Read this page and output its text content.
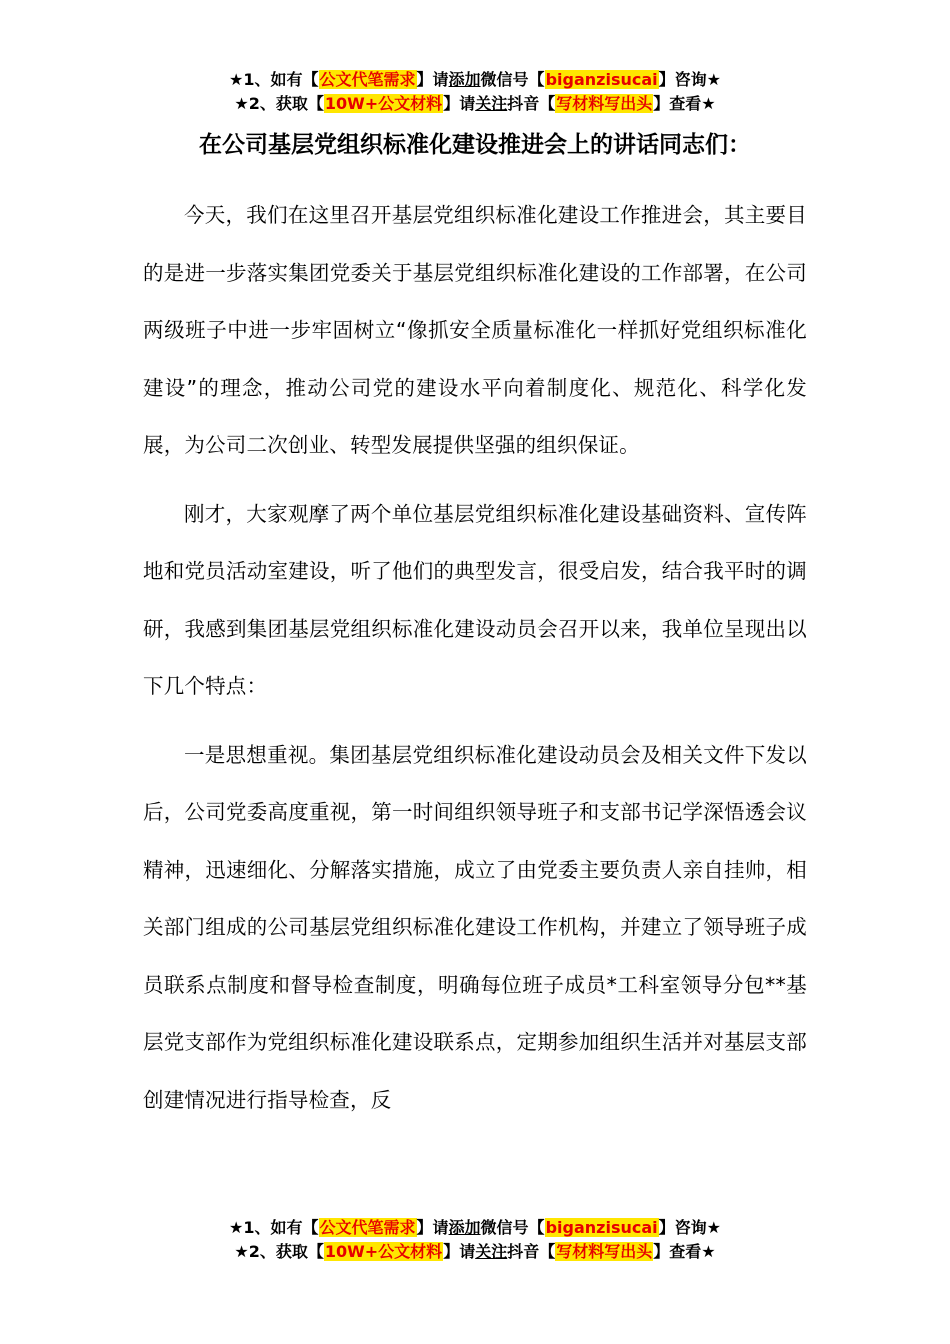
★1、如有【公文代笔需求】请添加微信号【biganzisucai】咨询★
★2、获取【10W+公文材料】请关注抖音【写材料写出头】查看★
在公司基层党组织标准化建设推进会上的讲话同志们：

今天，我们在这里召开基层党组织标准化建设工作推进会，其主要目的是进一步落实集团党委关于基层党组织标准化建设的工作部署，在公司两级班子中进一步牢固树立“像抓安全质量标准化一样抓好党组织标准化建设”的理念，推动公司党的建设水平向着制度化、规范化、科学化发展，为公司二次创业、转型发展提供坚强的组织保证。

刚才，大家观摩了两个单位基层党组织标准化建设基础资料、宣传阵地和党员活动室建设，听了他们的典型发言，很受启发，结合我平时的调研，我感到集团基层党组织标准化建设动员会召开以来，我单位呈现出以下几个特点：

一是思想重视。集团基层党组织标准化建设动员会及相关文件下发以后，公司党委高度重视，第一时间组织领导班子和支部书记学深悟透会议精神，迅速细化、分解落实措施，成立了由党委主要负责人亲自挂帅，相关部门组成的公司基层党组织标准化建设工作机构，并建立了领导班子成员联系点制度和督导检查制度，明确每位班子成员*工科室领导分包**基层党支部作为党组织标准化建设联系点，定期参加组织生活并对基层支部创建情况进行指导检查，反

★1、如有【公文代笔需求】请添加微信号【biganzisucai】咨询★
★2、获取【10W+公文材料】请关注抖音【写材料写出头】查看★
